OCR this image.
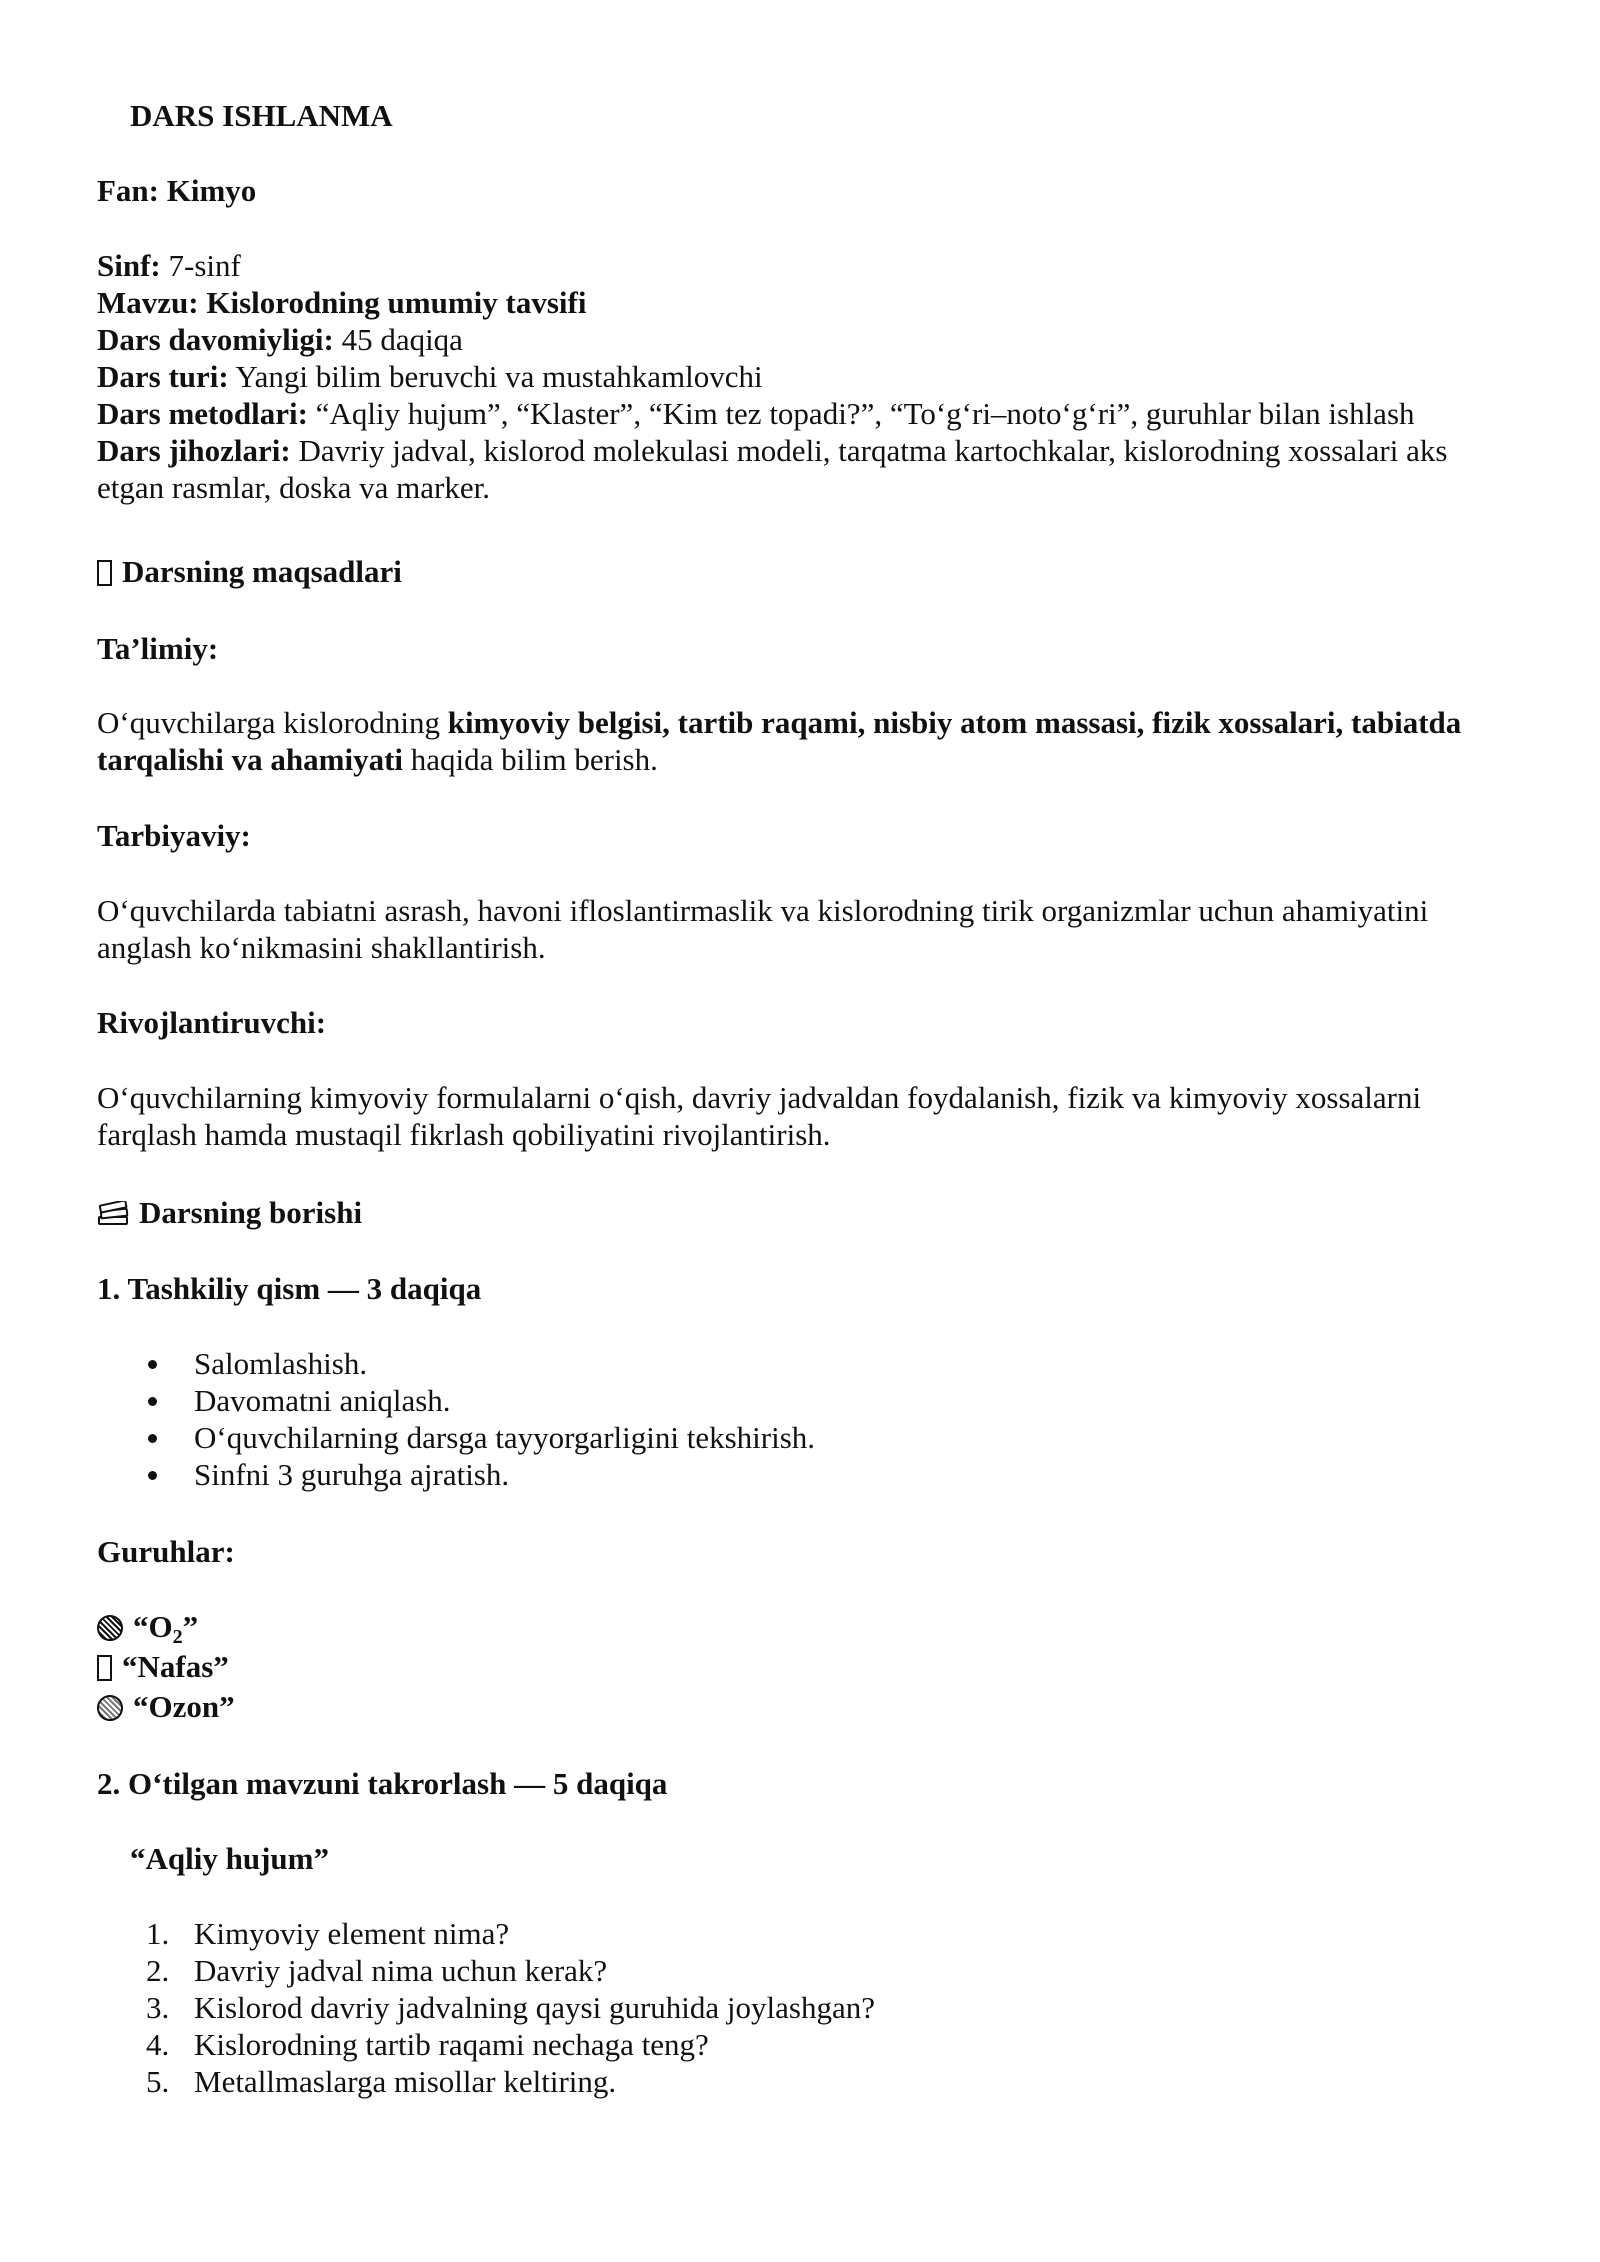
DARS ISHLANMA
Fan: Kimyo
Sinf: 7-sinf
Mavzu: Kislorodning umumiy tavsifi
Dars davomiyligi: 45 daqiqa
Dars turi: Yangi bilim beruvchi va mustahkamlovchi
Dars metodlari: “Aqliy hujum”, “Klaster”, “Kim tez topadi?”, “To‘g‘ri–noto‘g‘ri”, guruhlar bilan ishlash
Dars jihozlari: Davriy jadval, kislorod molekulasi modeli, tarqatma kartochkalar, kislorodning xossalari aks etgan rasmlar, doska va marker.
Darsning maqsadlari
Ta’limiy:
O‘quvchilarga kislorodning kimyoviy belgisi, tartib raqami, nisbiy atom massasi, fizik xossalari, tabiatda tarqalishi va ahamiyati haqida bilim berish.
Tarbiyaviy:
O‘quvchilarda tabiatni asrash, havoni ifloslantirmaslik va kislorodning tirik organizmlar uchun ahamiyatini anglash ko‘nikmasini shakllantirish.
Rivojlantiruvchi:
O‘quvchilarning kimyoviy formulalarni o‘qish, davriy jadvaldan foydalanish, fizik va kimyoviy xossalarni farqlash hamda mustaqil fikrlash qobiliyatini rivojlantirish.
Darsning borishi
1. Tashkiliy qism — 3 daqiqa
Salomlashish.
Davomatni aniqlash.
O‘quvchilarning darsga tayyorgarligini tekshirish.
Sinfni 3 guruhga ajratish.
Guruhlar:
“$O_2$”
“Nafas”
“Ozon”
2. O‘tilgan mavzuni takrorlash — 5 daqiqa
“Aqliy hujum”
1. Kimyoviy element nima?
2. Davriy jadval nima uchun kerak?
3. Kislorod davriy jadvalning qaysi guruhida joylashgan?
4. Kislorodning tartib raqami nechaga teng?
5. Metallmaslarga misollar keltiring.
